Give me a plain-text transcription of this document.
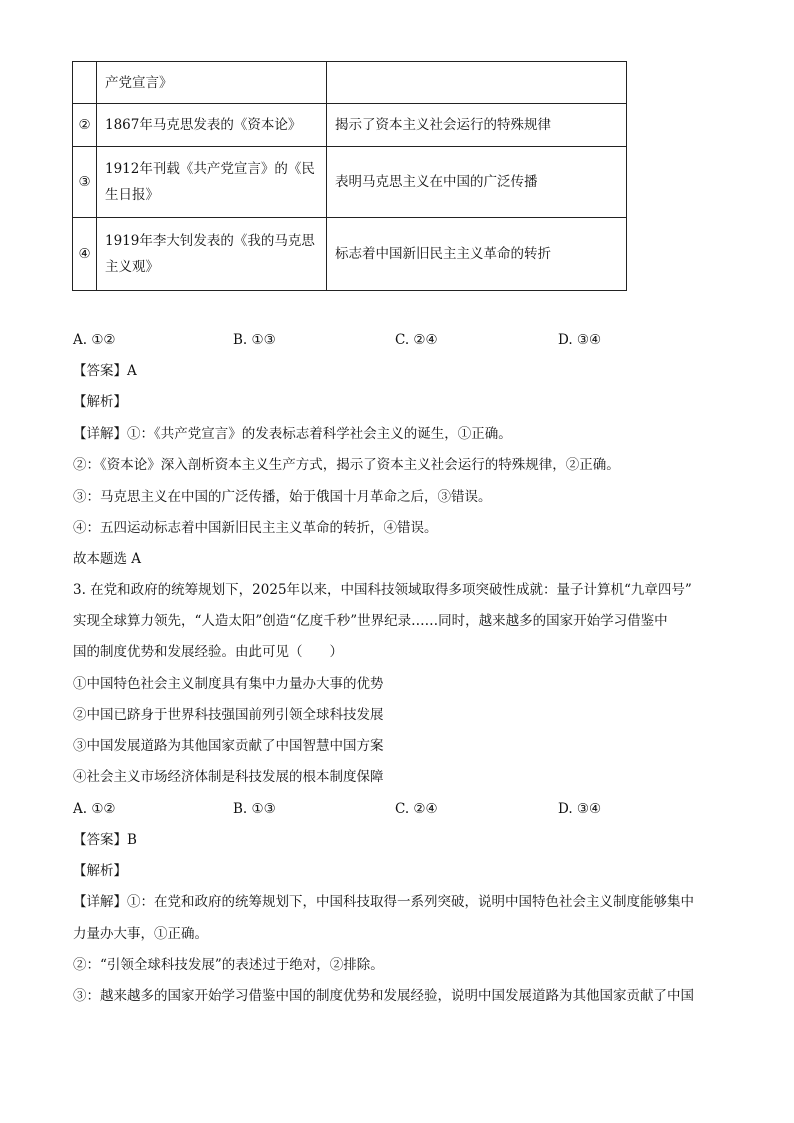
	产党宣言》	
②	1867年马克思发表的《资本论》	揭示了资本主义社会运行的特殊规律
③	1912年刊载《共产党宣言》的《民生日报》	表明马克思主义在中国的广泛传播
④	1919年李大钊发表的《我的马克思主义观》	标志着中国新旧民主主义革命的转折
A. ①②	B. ①③	C. ②④	D. ③④
【答案】A
【解析】
【详解】①：《共产党宣言》的发表标志着科学社会主义的诞生，①正确。
②：《资本论》深入剖析资本主义生产方式，揭示了资本主义社会运行的特殊规律，②正确。
③：马克思主义在中国的广泛传播，始于俄国十月革命之后，③错误。
④：五四运动标志着中国新旧民主主义革命的转折，④错误。
故本题选 A
3. 在党和政府的统筹规划下，2025年以来，中国科技领域取得多项突破性成就：量子计算机“九章四号”
实现全球算力领先，“人造太阳”创造“亿度千秒”世界纪录……同时，越来越多的国家开始学习借鉴中
国的制度优势和发展经验。由此可见（　　）
①中国特色社会主义制度具有集中力量办大事的优势
②中国已跻身于世界科技强国前列引领全球科技发展
③中国发展道路为其他国家贡献了中国智慧中国方案
④社会主义市场经济体制是科技发展的根本制度保障
A. ①②	B. ①③	C. ②④	D. ③④
【答案】B
【解析】
【详解】①：在党和政府的统筹规划下，中国科技取得一系列突破，说明中国特色社会主义制度能够集中
力量办大事，①正确。
②：“引领全球科技发展”的表述过于绝对，②排除。
③：越来越多的国家开始学习借鉴中国的制度优势和发展经验，说明中国发展道路为其他国家贡献了中国
